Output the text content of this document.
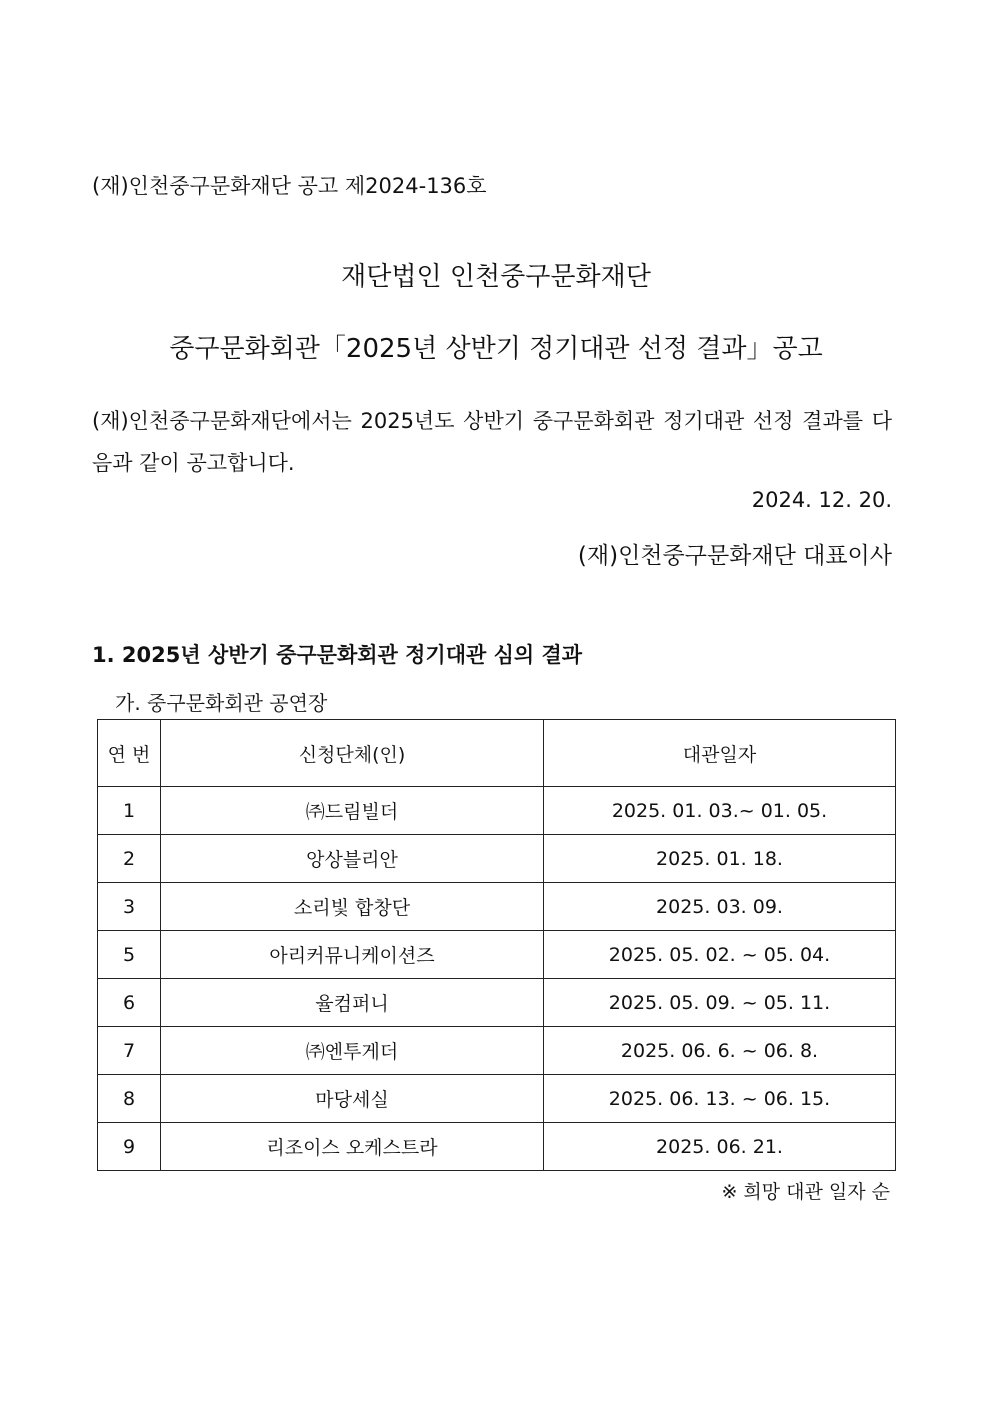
(재)인천중구문화재단 공고 제2024-136호
재단법인 인천중구문화재단
중구문화회관「2025년 상반기 정기대관 선정 결과」공고
(재)인천중구문화재단에서는 2025년도 상반기 중구문화회관 정기대관 선정 결과를 다음과 같이 공고합니다.
2024. 12. 20.
(재)인천중구문화재단 대표이사
1. 2025년 상반기 중구문화회관 정기대관 심의 결과
가. 중구문화회관 공연장
연 번	신청단체(인)	대관일자
1	㈜드림빌더	2025. 01. 03.~ 01. 05.
2	앙상블리안	2025. 01. 18.
3	소리빛 합창단	2025. 03. 09.
5	아리커뮤니케이션즈	2025. 05. 02. ~ 05. 04.
6	율컴퍼니	2025. 05. 09. ~ 05. 11.
7	㈜엔투게더	2025. 06. 6. ~ 06. 8.
8	마당세실	2025. 06. 13. ~ 06. 15.
9	리조이스 오케스트라	2025. 06. 21.
※ 희망 대관 일자 순
